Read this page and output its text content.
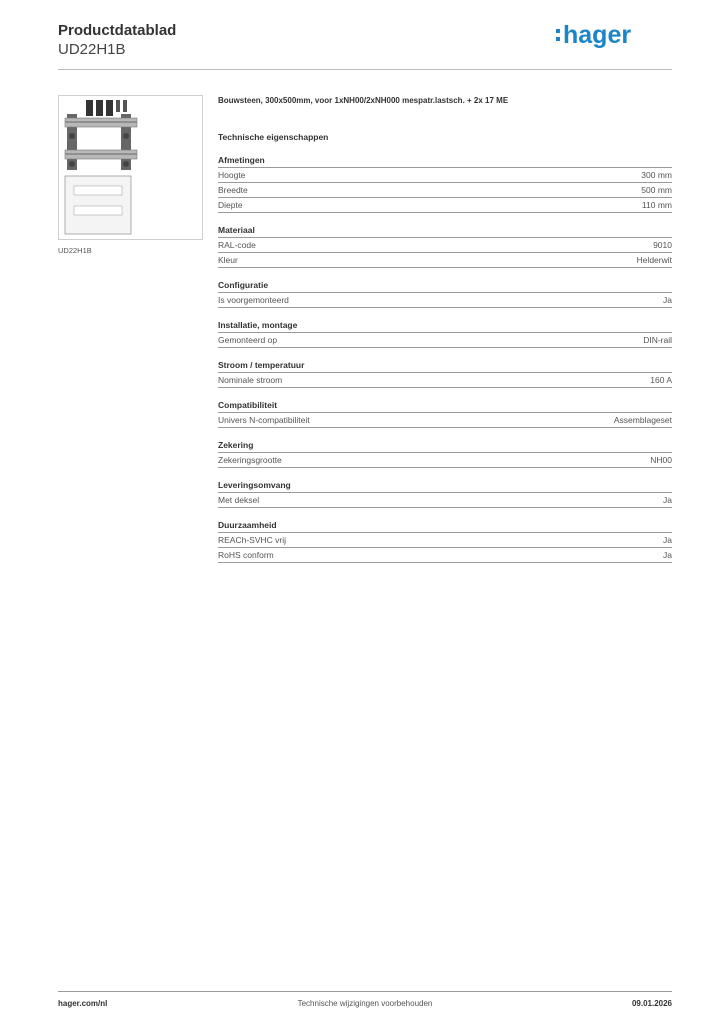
Productdatablad
UD22H1B
hager
UD22H1B
Bouwsteen, 300x500mm, voor 1xNH00/2xNH000 mespatr.lastsch. + 2x 17 ME
Technische eigenschappen
Afmetingen
Hoogte	300 mm
Breedte	500 mm
Diepte	110 mm
Materiaal
RAL-code	9010
Kleur	Helderwit
Configuratie
Is voorgemonteerd	Ja
Installatie, montage
Gemonteerd op	DIN-rail
Stroom / temperatuur
Nominale stroom	160 A
Compatibiliteit
Univers N-compatibiliteit	Assemblageset
Zekering
Zekeringsgrootte	NH00
Leveringsomvang
Met deksel	Ja
Duurzaamheid
REACh-SVHC vrij	Ja
RoHS conform	Ja
hager.com/nl	Technische wijzigingen voorbehouden	09.01.2026
